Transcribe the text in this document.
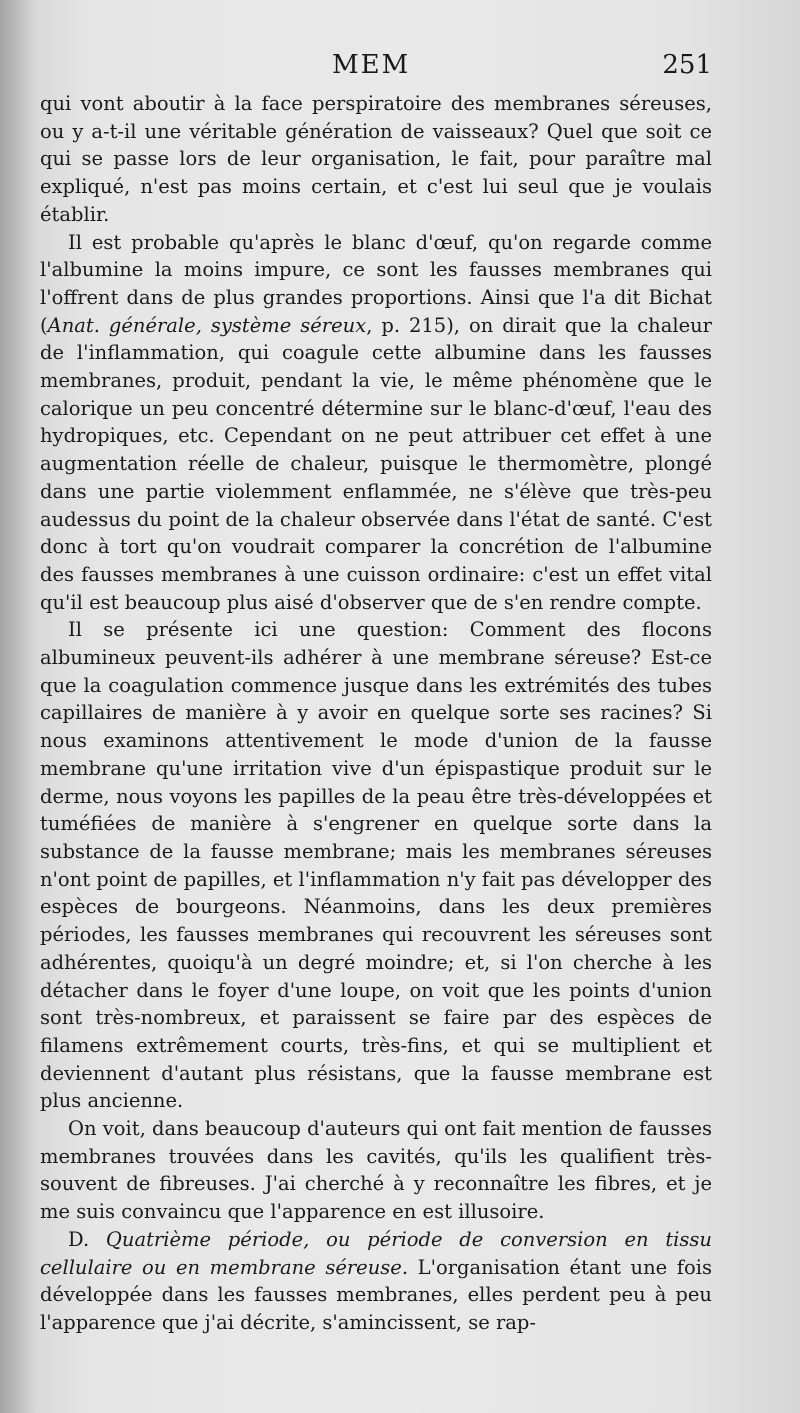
MEM	251

qui vont aboutir à la face perspiratoire des membranes séreuses, ou y a-t-il une véritable génération de vaisseaux? Quel que soit ce qui se passe lors de leur organisation, le fait, pour paraître mal expliqué, n'est pas moins certain, et c'est lui seul que je voulais établir.

Il est probable qu'après le blanc d'œuf, qu'on regarde comme l'albumine la moins impure, ce sont les fausses membranes qui l'offrent dans de plus grandes proportions. Ainsi que l'a dit Bichat (Anat. générale, système séreux, p. 215), on dirait que la chaleur de l'inflammation, qui coagule cette albumine dans les fausses membranes, produit, pendant la vie, le même phénomène que le calorique un peu concentré détermine sur le blanc-d'œuf, l'eau des hydropiques, etc. Cependant on ne peut attribuer cet effet à une augmentation réelle de chaleur, puisque le thermomètre, plongé dans une partie violemment enflammée, ne s'élève que très-peu audessus du point de la chaleur observée dans l'état de santé. C'est donc à tort qu'on voudrait comparer la concrétion de l'albumine des fausses membranes à une cuisson ordinaire: c'est un effet vital qu'il est beaucoup plus aisé d'observer que de s'en rendre compte.

Il se présente ici une question: Comment des flocons albumineux peuvent-ils adhérer à une membrane séreuse? Est-ce que la coagulation commence jusque dans les extrémités des tubes capillaires de manière à y avoir en quelque sorte ses racines? Si nous examinons attentivement le mode d'union de la fausse membrane qu'une irritation vive d'un épispastique produit sur le derme, nous voyons les papilles de la peau être très-développées et tuméfiées de manière à s'engrener en quelque sorte dans la substance de la fausse membrane; mais les membranes séreuses n'ont point de papilles, et l'inflammation n'y fait pas développer des espèces de bourgeons. Néanmoins, dans les deux premières périodes, les fausses membranes qui recouvrent les séreuses sont adhérentes, quoiqu'à un degré moindre; et, si l'on cherche à les détacher dans le foyer d'une loupe, on voit que les points d'union sont très-nombreux, et paraissent se faire par des espèces de filamens extrêmement courts, très-fins, et qui se multiplient et deviennent d'autant plus résistans, que la fausse membrane est plus ancienne.

On voit, dans beaucoup d'auteurs qui ont fait mention de fausses membranes trouvées dans les cavités, qu'ils les qualifient très-souvent de fibreuses. J'ai cherché à y reconnaître les fibres, et je me suis convaincu que l'apparence en est illusoire.

D. Quatrième période, ou période de conversion en tissu cellulaire ou en membrane séreuse. L'organisation étant une fois développée dans les fausses membranes, elles perdent peu à peu l'apparence que j'ai décrite, s'amincissent, se rap-
